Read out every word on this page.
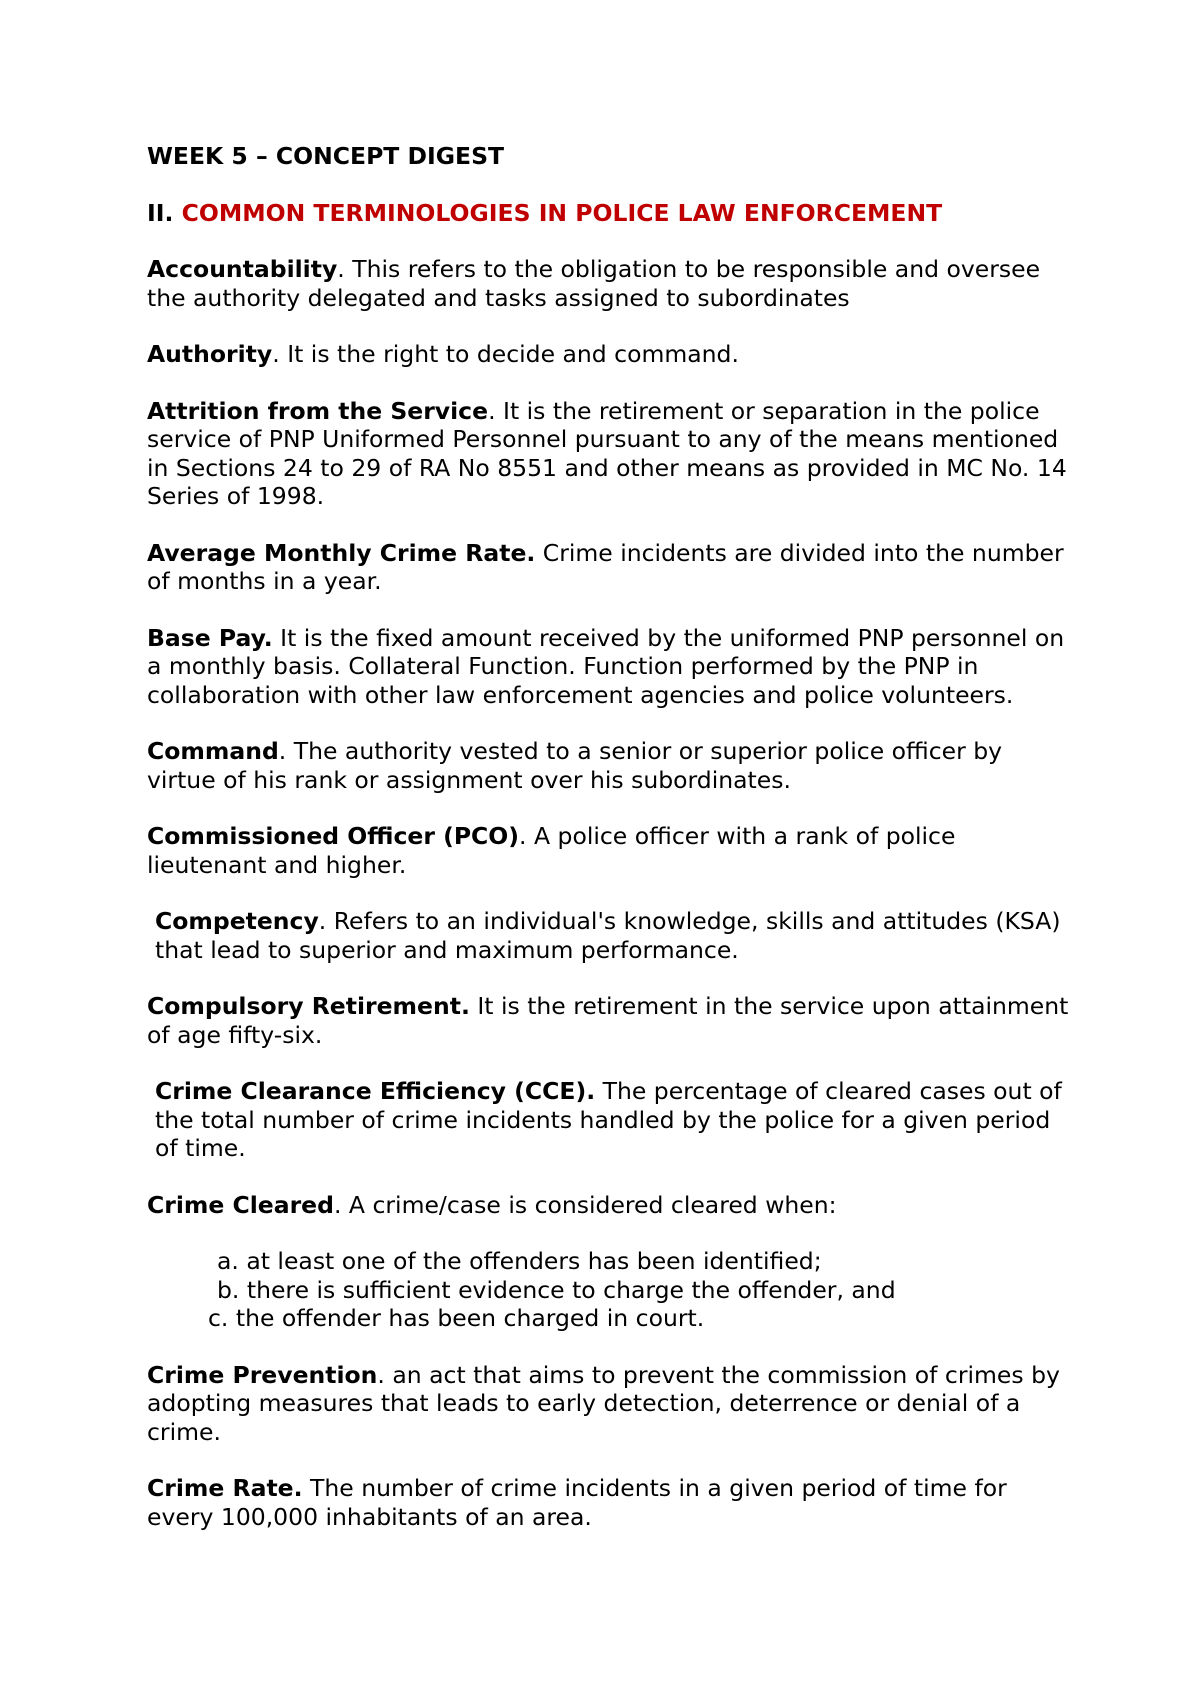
WEEK 5 – CONCEPT DIGEST

II. COMMON TERMINOLOGIES IN POLICE LAW ENFORCEMENT

Accountability. This refers to the obligation to be responsible and oversee the authority delegated and tasks assigned to subordinates

Authority. It is the right to decide and command.

Attrition from the Service. It is the retirement or separation in the police service of PNP Uniformed Personnel pursuant to any of the means mentioned in Sections 24 to 29 of RA No 8551 and other means as provided in MC No. 14 Series of 1998.

Average Monthly Crime Rate. Crime incidents are divided into the number of months in a year.

Base Pay. It is the fixed amount received by the uniformed PNP personnel on a monthly basis. Collateral Function. Function performed by the PNP in collaboration with other law enforcement agencies and police volunteers.

Command. The authority vested to a senior or superior police officer by virtue of his rank or assignment over his subordinates.

Commissioned Officer (PCO). A police officer with a rank of police lieutenant and higher.

Competency. Refers to an individual's knowledge, skills and attitudes (KSA) that lead to superior and maximum performance.

Compulsory Retirement. It is the retirement in the service upon attainment of age fifty-six.

Crime Clearance Efficiency (CCE). The percentage of cleared cases out of the total number of crime incidents handled by the police for a given period of time.

Crime Cleared. A crime/case is considered cleared when:

a. at least one of the offenders has been identified;
b. there is sufficient evidence to charge the offender, and
c. the offender has been charged in court.

Crime Prevention. an act that aims to prevent the commission of crimes by adopting measures that leads to early detection, deterrence or denial of a crime.

Crime Rate. The number of crime incidents in a given period of time for every 100,000 inhabitants of an area.
